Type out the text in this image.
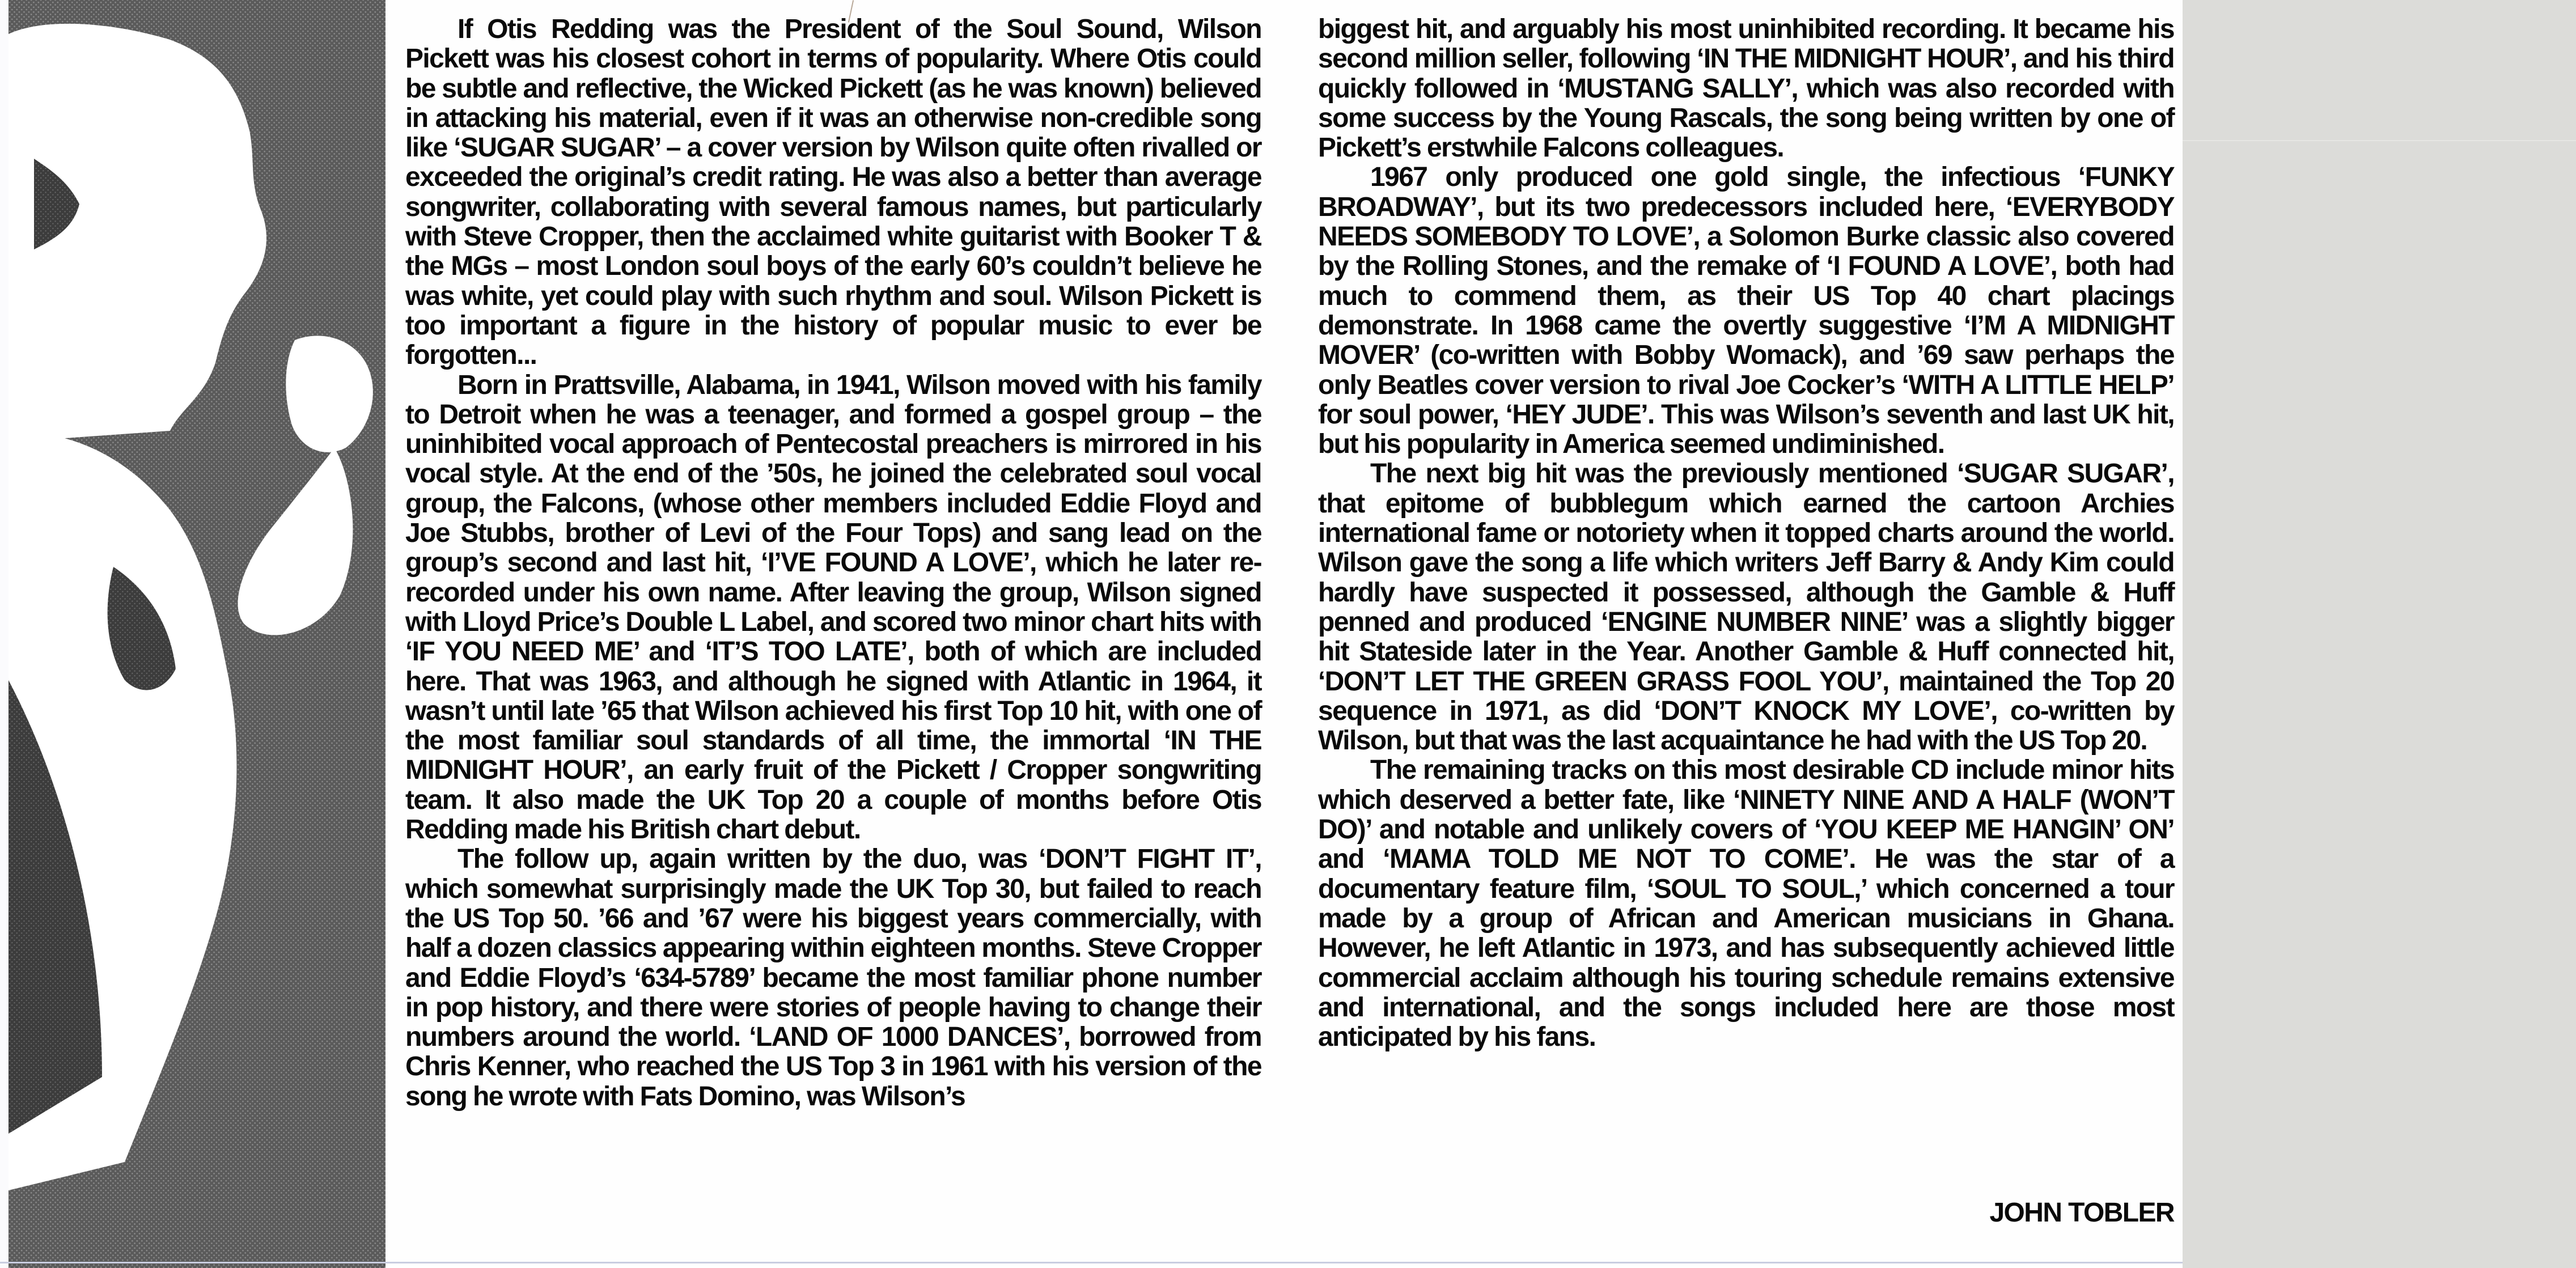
If Otis Redding was the President of the Soul Sound, Wilson Pickett was his closest cohort in terms of popularity. Where Otis could be subtle and reflective, the Wicked Pickett (as he was known) believed in attacking his material, even if it was an otherwise non-credible song like ‘SUGAR SUGAR’ – a cover version by Wilson quite often rivalled or exceeded the original’s credit rating. He was also a better than average songwriter, collaborating with several famous names, but particularly with Steve Cropper, then the acclaimed white guitarist with Booker T & the MGs – most London soul boys of the early 60’s couldn’t believe he was white, yet could play with such rhythm and soul. Wilson Pickett is too important a figure in the history of popular music to ever be forgotten...

Born in Prattsville, Alabama, in 1941, Wilson moved with his family to Detroit when he was a teenager, and formed a gospel group – the uninhibited vocal approach of Pentecostal preachers is mirrored in his vocal style. At the end of the ’50s, he joined the celebrated soul vocal group, the Falcons, (whose other members included Eddie Floyd and Joe Stubbs, brother of Levi of the Four Tops) and sang lead on the group’s second and last hit, ‘I’VE FOUND A LOVE’, which he later re-recorded under his own name. After leaving the group, Wilson signed with Lloyd Price’s Double L Label, and scored two minor chart hits with ‘IF YOU NEED ME’ and ‘IT’S TOO LATE’, both of which are included here. That was 1963, and although he signed with Atlantic in 1964, it wasn’t until late ’65 that Wilson achieved his first Top 10 hit, with one of the most familiar soul standards of all time, the immortal ‘IN THE MIDNIGHT HOUR’, an early fruit of the Pickett / Cropper songwriting team. It also made the UK Top 20 a couple of months before Otis Redding made his British chart debut.

The follow up, again written by the duo, was ‘DON’T FIGHT IT’, which somewhat surprisingly made the UK Top 30, but failed to reach the US Top 50. ’66 and ’67 were his biggest years commercially, with half a dozen classics appearing within eighteen months. Steve Cropper and Eddie Floyd’s ‘634-5789’ became the most familiar phone number in pop history, and there were stories of people having to change their numbers around the world. ‘LAND OF 1000 DANCES’, borrowed from Chris Kenner, who reached the US Top 3 in 1961 with his version of the song he wrote with Fats Domino, was Wilson’s

biggest hit, and arguably his most uninhibited recording. It became his second million seller, following ‘IN THE MIDNIGHT HOUR’, and his third quickly followed in ‘MUSTANG SALLY’, which was also recorded with some success by the Young Rascals, the song being written by one of Pickett’s erstwhile Falcons colleagues.

1967 only produced one gold single, the infectious ‘FUNKY BROADWAY’, but its two predecessors included here, ‘EVERYBODY NEEDS SOMEBODY TO LOVE’, a Solomon Burke classic also covered by the Rolling Stones, and the remake of ‘I FOUND A LOVE’, both had much to commend them, as their US Top 40 chart placings demonstrate. In 1968 came the overtly suggestive ‘I’M A MIDNIGHT MOVER’ (co-written with Bobby Womack), and ’69 saw perhaps the only Beatles cover version to rival Joe Cocker’s ‘WITH A LITTLE HELP’ for soul power, ‘HEY JUDE’. This was Wilson’s seventh and last UK hit, but his popularity in America seemed undiminished.

The next big hit was the previously mentioned ‘SUGAR SUGAR’, that epitome of bubblegum which earned the cartoon Archies international fame or notoriety when it topped charts around the world. Wilson gave the song a life which writers Jeff Barry & Andy Kim could hardly have suspected it possessed, although the Gamble & Huff penned and produced ‘ENGINE NUMBER NINE’ was a slightly bigger hit Stateside later in the Year. Another Gamble & Huff connected hit, ‘DON’T LET THE GREEN GRASS FOOL YOU’, maintained the Top 20 sequence in 1971, as did ‘DON’T KNOCK MY LOVE’, co-written by Wilson, but that was the last acquaintance he had with the US Top 20.

The remaining tracks on this most desirable CD include minor hits which deserved a better fate, like ‘NINETY NINE AND A HALF (WON’T DO)’ and notable and unlikely covers of ‘YOU KEEP ME HANGIN’ ON’ and ‘MAMA TOLD ME NOT TO COME’. He was the star of a documentary feature film, ‘SOUL TO SOUL,’ which concerned a tour made by a group of African and American musicians in Ghana. However, he left Atlantic in 1973, and has subsequently achieved little commercial acclaim although his touring schedule remains extensive and international, and the songs included here are those most anticipated by his fans.

JOHN TOBLER
